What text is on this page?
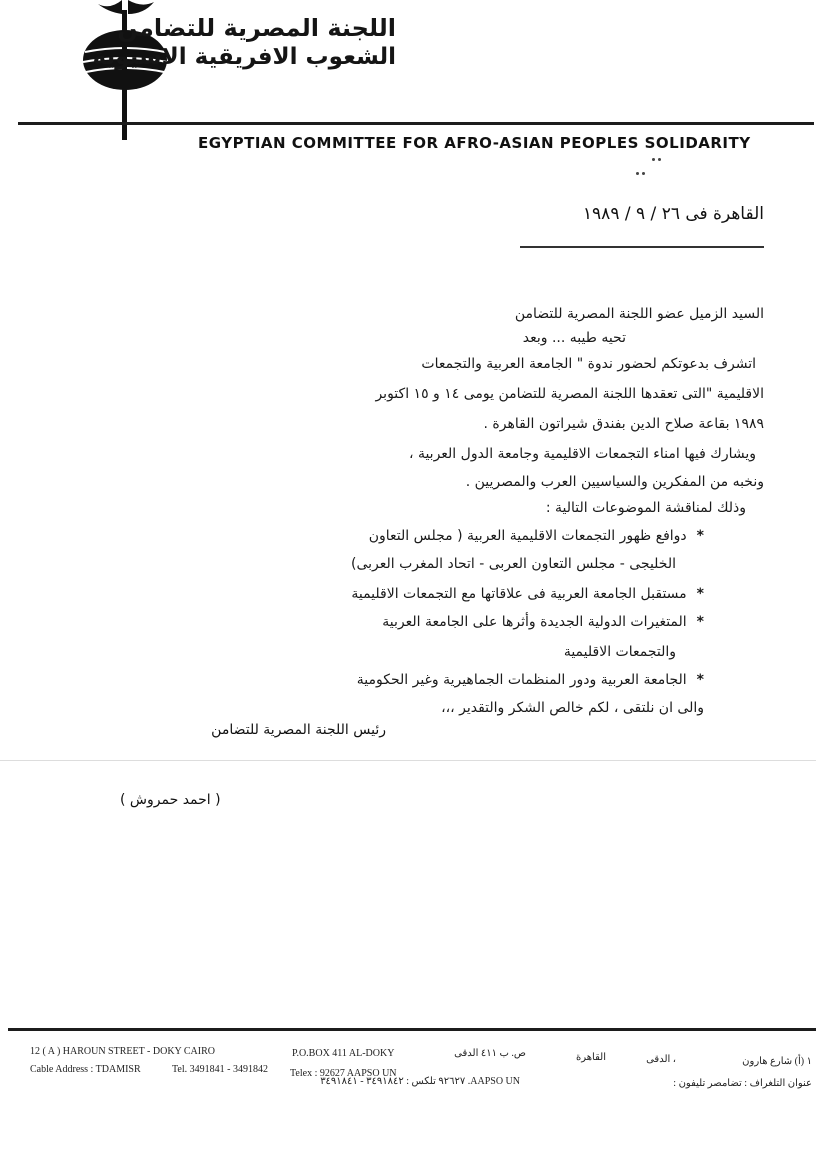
اللجنة المصرية للتضامن
الشعوب الافريقية الاسيوية
EGYPTIAN COMMITTEE FOR AFRO-ASIAN PEOPLES SOLIDARITY
القاهرة فى ٢٦ / ٩ / ١٩٨٩
السيد الزميل عضو اللجنة المصرية للتضامن
تحيه طيبه ... وبعد
اتشرف بدعوتكم لحضور ندوة " الجامعة العربية والتجمعات
الاقليمية "التى تعقدها اللجنة المصرية للتضامن يومى ١٤ و ١٥ اكتوبر
١٩٨٩ بقاعة صلاح الدين بفندق شيراتون القاهرة .
ويشارك فيها امناء التجمعات الاقليمية وجامعة الدول العربية ،
ونخبه من المفكرين والسياسيين العرب والمصريين .
وذلك لمناقشة الموضوعات التالية :
*دوافع ظهور التجمعات الاقليمية العربية ( مجلس التعاون
الخليجى - مجلس التعاون العربى - اتحاد المغرب العربى)
*مستقبل الجامعة العربية فى علاقاتها مع التجمعات الاقليمية
*المتغيرات الدولية الجديدة وأثرها على الجامعة العربية
والتجمعات الاقليمية
*الجامعة العربية ودور المنظمات الجماهيرية وغير الحكومية
والى ان نلتقى ، لكم خالص الشكر والتقدير ،،،
رئيس اللجنة المصرية للتضامن
( احمد حمروش )
12 ( A ) HAROUN STREET - DOKY CAIRO
Cable Address : TDAMISR	Tel. 3491841 - 3491842
P.O.BOX 411 AL-DOKY
Telex : 92627 AAPSO UN
ص. ب ٤١١ الدقى	القاهرة	، الدقى	١ (أ) شارع هارون
AAPSO UN. ٩٢٦٢٧ تلكس : ٣٤٩١٨٤٢ - ٣٤٩١٨٤١	عنوان التلغراف : تضامصر تليفون :
